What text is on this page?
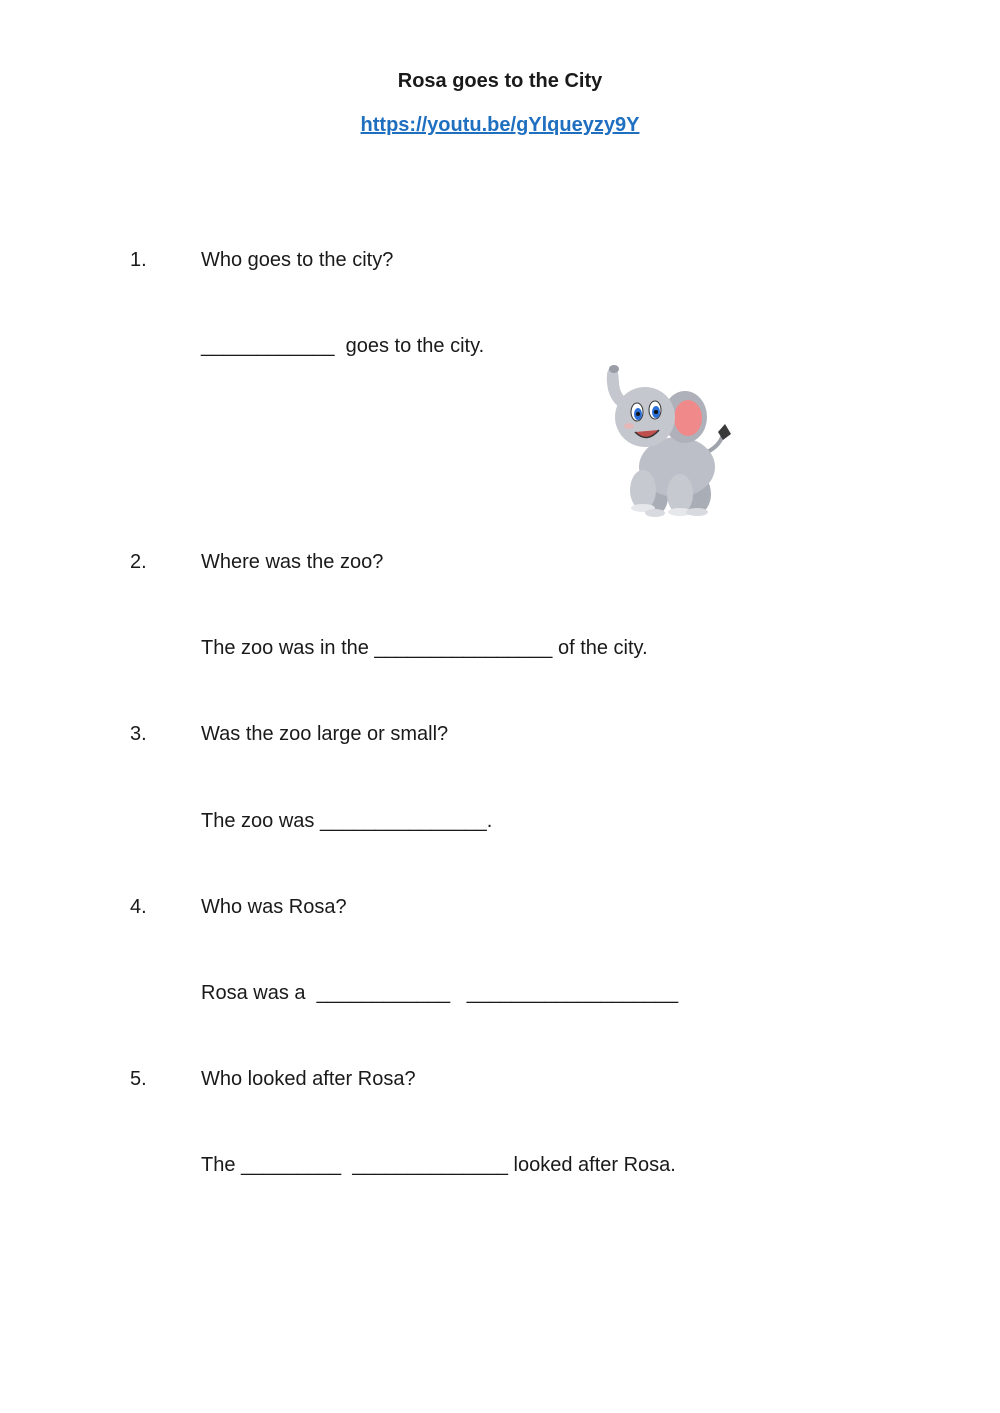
Rosa goes to the City
https://youtu.be/gYlqueyzy9Y
1.	Who goes to the city?
____________  goes to the city.
2.	Where was the zoo?
The zoo was in the ________________ of the city.
3.	Was the zoo large or small?
The zoo was _______________.
4.	Who was Rosa?
Rosa was a  ____________   ___________________
5.	Who looked after Rosa?
The _________  ______________ looked after Rosa.
